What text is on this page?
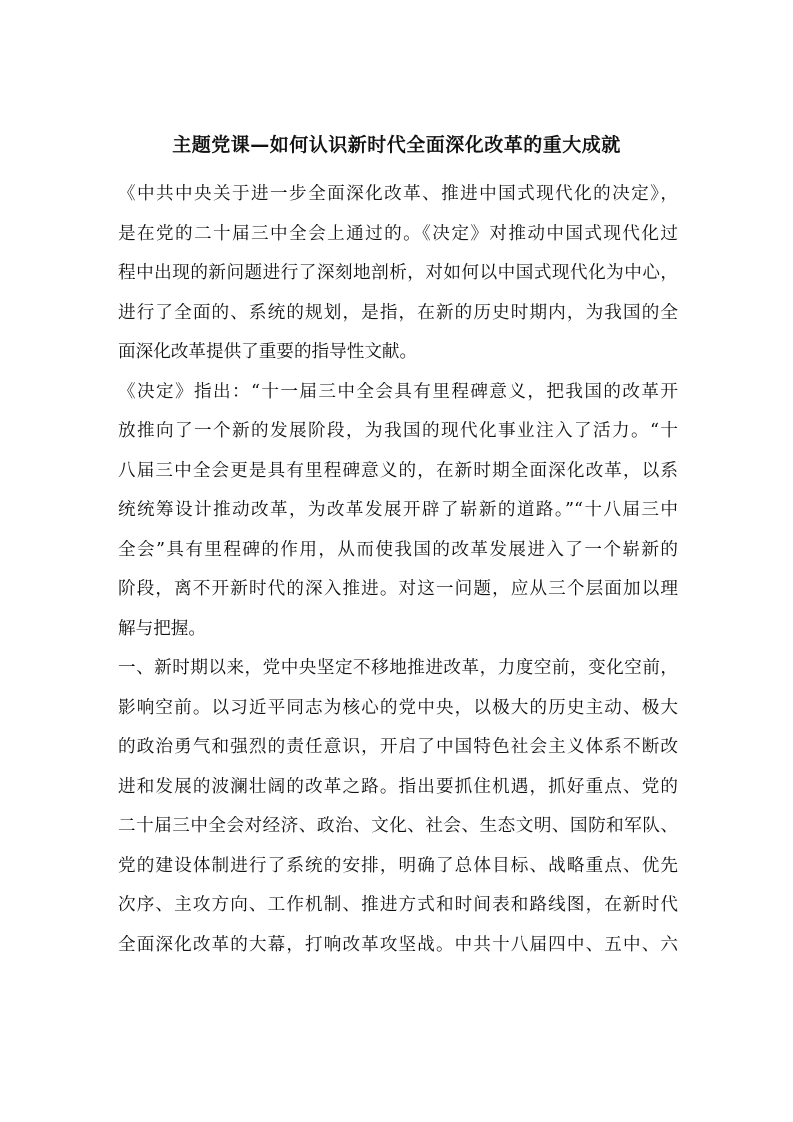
主题党课—如何认识新时代全面深化改革的重大成就
《中共中央关于进一步全面深化改革、推进中国式现代化的决定》，
是在党的二十届三中全会上通过的。《决定》对推动中国式现代化过
程中出现的新问题进行了深刻地剖析，对如何以中国式现代化为中心，
进行了全面的、系统的规划，是指，在新的历史时期内，为我国的全
面深化改革提供了重要的指导性文献。
《决定》指出：“十一届三中全会具有里程碑意义，把我国的改革开
放推向了一个新的发展阶段，为我国的现代化事业注入了活力。“十
八届三中全会更是具有里程碑意义的，在新时期全面深化改革，以系
统统筹设计推动改革，为改革发展开辟了崭新的道路。”“十八届三中
全会”具有里程碑的作用，从而使我国的改革发展进入了一个崭新的
阶段，离不开新时代的深入推进。对这一问题，应从三个层面加以理
解与把握。
一、新时期以来，党中央坚定不移地推进改革，力度空前，变化空前，
影响空前。以习近平同志为核心的党中央，以极大的历史主动、极大
的政治勇气和强烈的责任意识，开启了中国特色社会主义体系不断改
进和发展的波澜壮阔的改革之路。指出要抓住机遇，抓好重点、党的
二十届三中全会对经济、政治、文化、社会、生态文明、国防和军队、
党的建设体制进行了系统的安排，明确了总体目标、战略重点、优先
次序、主攻方向、工作机制、推进方式和时间表和路线图，在新时代
全面深化改革的大幕，打响改革攻坚战。中共十八届四中、五中、六
